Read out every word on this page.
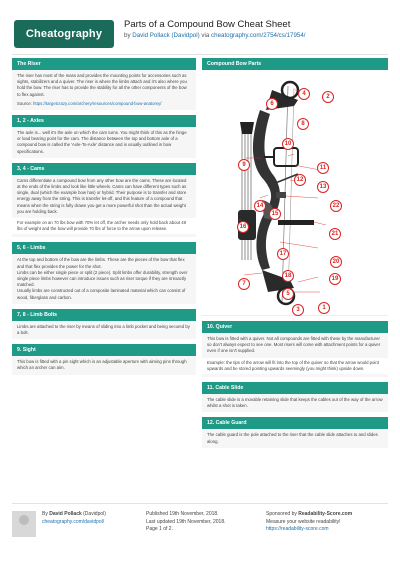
Cheatography
Parts of a Compound Bow Cheat Sheet
by David Pollack (Davidpol) via cheatography.com/2754/cs/17954/
The Riser

The riser has most of the mass and provides the mounting points for accessories such as sights, stabilizers and a quiver. The riser is where the limbs attach and it's also where you hold the bow. The riser has to provide the stability for all the other components of the bow to flex against.

Source: https://targetcrazy.com/archery/resources/compound-bow-anatomy/

1, 2 - Axles

The axle is... well it's the axle on which the cam turns. You might think of this as the hinge or load bearing point for the cam. The distance between the top and bottom axle of a compound bow is called the 'Axle-To-Axle' distance and is usually outlined in bow specifications.

3, 4 - Cams

Cams differentiate a compound bow from any other bow are the cams. These are located at the ends of the limbs and look like little wheels. Cams can have different types such as single, dual (which the example bow has) or hybrid. Their purpose is to transfer and store energy away from the string. This is transfer let-off, and this feature of a compound that means when the string is fully drawn you get a more powerful shot than the actual weight you are holding back.

For example on an 70 lbs bow with 70% let off, the archer needs only hold back about 49 lbs of weight and the bow will provide 70 lbs of force to the arrow upon release.

5, 6 - Limbs

At the top and bottom of the bow are the limbs. These are the pieces of the bow that flex and that flex provides the power for the shot.

Limbs can be either single piece or split (2 piece). Split limbs offer durability, strength over single piece limbs however can introduce issues such as riser torque if they are irrexactly matched.

Usually limbs are constructed out of a composite laminated material which can consist of wood, fiberglass and carbon.

7, 8 - Limb Bolts

Limbs are attached to the riser by means of sliding into a limb pocket and being secured by a bolt.

9. Sight

This bow is fitted with a pin sight which is an adjustable aperture with aiming pins through which an archer can aim.

Compound Bow Parts
4	2
6
8
10
9	11
12
13
14
15
22
16
21
17
20
18	19
7
5
3	1
10. Quiver

This bow is fitted with a quiver. Not all compounds are fitted with these by the manufacturer so don't always expect to see one. Most risers will come with attachment points for a quiver even if one isn't supplied.

Example: the tips of the arrow will fit into the top of the quiver so that the arrow would point upwards and be stored pointing upwards seemingly (you might think) upside down.

11. Cable Slide

The cable slide is a movable retaining slide that keeps the cables out of the way of the arrow whilst a shot is taken.

12. Cable Guard

The cable guard is the pole attached to the riser that the cable slide attaches to and slides along.

By David Pollack (Davidpol)
cheatography.com/davidpol/
Published 19th November, 2018.
Last updated 19th November, 2018.
Page 1 of 2.
Sponsored by Readability-Score.com
Measure your website readability!
https://readability-score.com
